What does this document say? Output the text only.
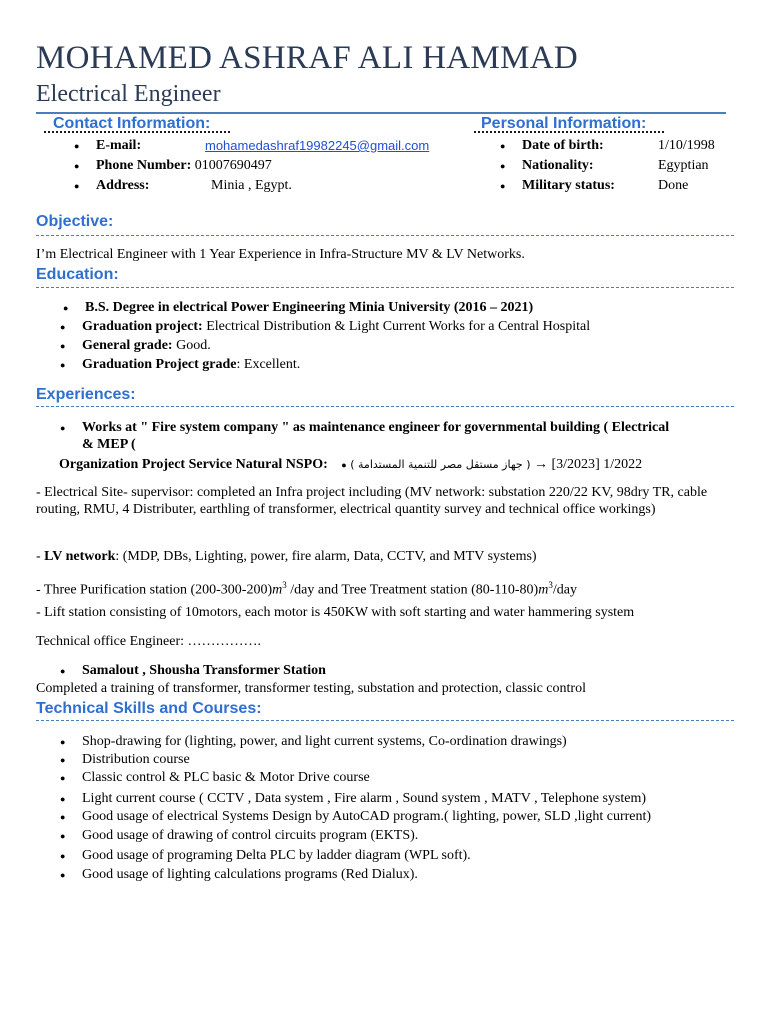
MOHAMED ASHRAF ALI HAMMAD
Electrical Engineer
Contact Information:
● E-mail:	mohamedashraf19982245@gmail.com
● Phone Number: 01007690497
● Address:	Minia , Egypt.
Personal Information:
● Date of birth:	1/10/1998
● Nationality:	Egyptian
● Military status:	Done
Objective:
I’m Electrical Engineer with 1 Year Experience in Infra-Structure MV & LV Networks.
Education:
● B.S. Degree in electrical Power Engineering Minia University (2016 – 2021)
● Graduation project: Electrical Distribution & Light Current Works for a Central Hospital
● General grade: Good.
● Graduation Project grade: Excellent.
Experiences:
● Works at " Fire system company " as maintenance engineer for governmental building ( Electrical
& MEP (
Organization Project Service Natural NSPO: ● ( جهاز مستقل مصر للتنمية المستدامة ) → [1/2022 [3/2023
- Electrical Site- supervisor: completed an Infra project including (MV network: substation 220/22 KV, 98dry TR, cable routing, RMU, 4 Distributer, earthling of transformer, electrical quantity survey and technical office workings)
- LV network: (MDP, DBs, Lighting, power, fire alarm, Data, CCTV, and MTV systems)
- Three Purification station $(200-300-200)m^3$ /day and Tree Treatment station $(80-110-80)m^3$/day
- Lift station consisting of 10motors, each motor is 450KW with soft starting and water hammering system
Technical office Engineer: …………….
● Samalout , Shousha Transformer Station
Completed a training of transformer, transformer testing, substation and protection, classic control
Technical Skills and Courses:
● Shop-drawing for (lighting, power, and light current systems, Co-ordination drawings)
● Distribution course
● Classic control & PLC basic & Motor Drive course
● Light current course ( CCTV , Data system , Fire alarm , Sound system , MATV , Telephone system)
● Good usage of electrical Systems Design by AutoCAD program.( lighting, power, SLD ,light current)
● Good usage of drawing of control circuits program (EKTS).
● Good usage of programing Delta PLC by ladder diagram (WPL soft).
● Good usage of lighting calculations programs (Red Dialux).
